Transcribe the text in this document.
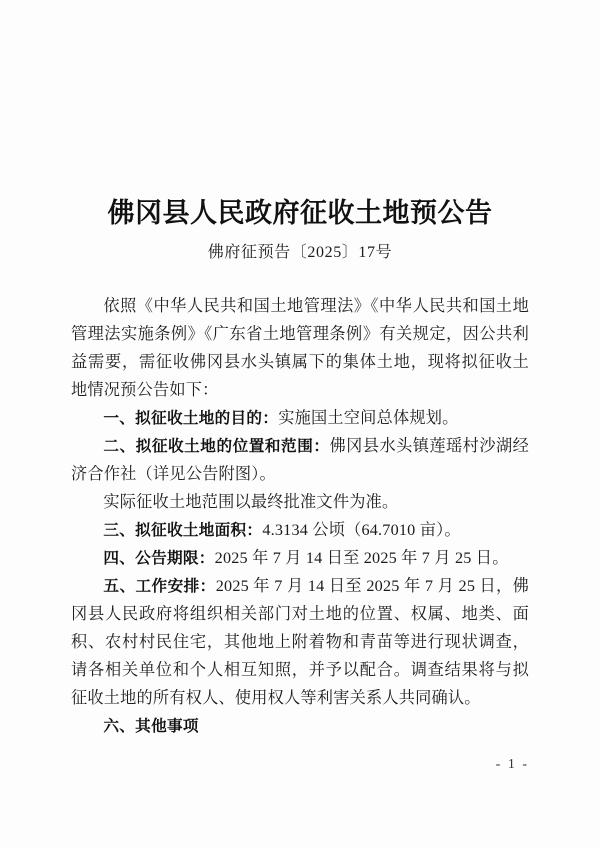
佛冈县人民政府征收土地预公告
佛府征预告〔2025〕17号

依照《中华人民共和国土地管理法》《中华人民共和国土地管理法实施条例》《广东省土地管理条例》有关规定，因公共利益需要，需征收佛冈县水头镇属下的集体土地，现将拟征收土地情况预公告如下：

一、拟征收土地的目的：实施国土空间总体规划。

二、拟征收土地的位置和范围：佛冈县水头镇莲瑶村沙湖经济合作社（详见公告附图）。

实际征收土地范围以最终批准文件为准。

三、拟征收土地面积：4.3134 公顷（64.7010 亩）。

四、公告期限：2025 年 7 月 14 日至 2025 年 7 月 25 日。

五、工作安排：2025 年 7 月 14 日至 2025 年 7 月 25 日，佛冈县人民政府将组织相关部门对土地的位置、权属、地类、面积、农村村民住宅，其他地上附着物和青苗等进行现状调查，请各相关单位和个人相互知照，并予以配合。调查结果将与拟征收土地的所有权人、使用权人等利害关系人共同确认。

六、其他事项

- 1 -
